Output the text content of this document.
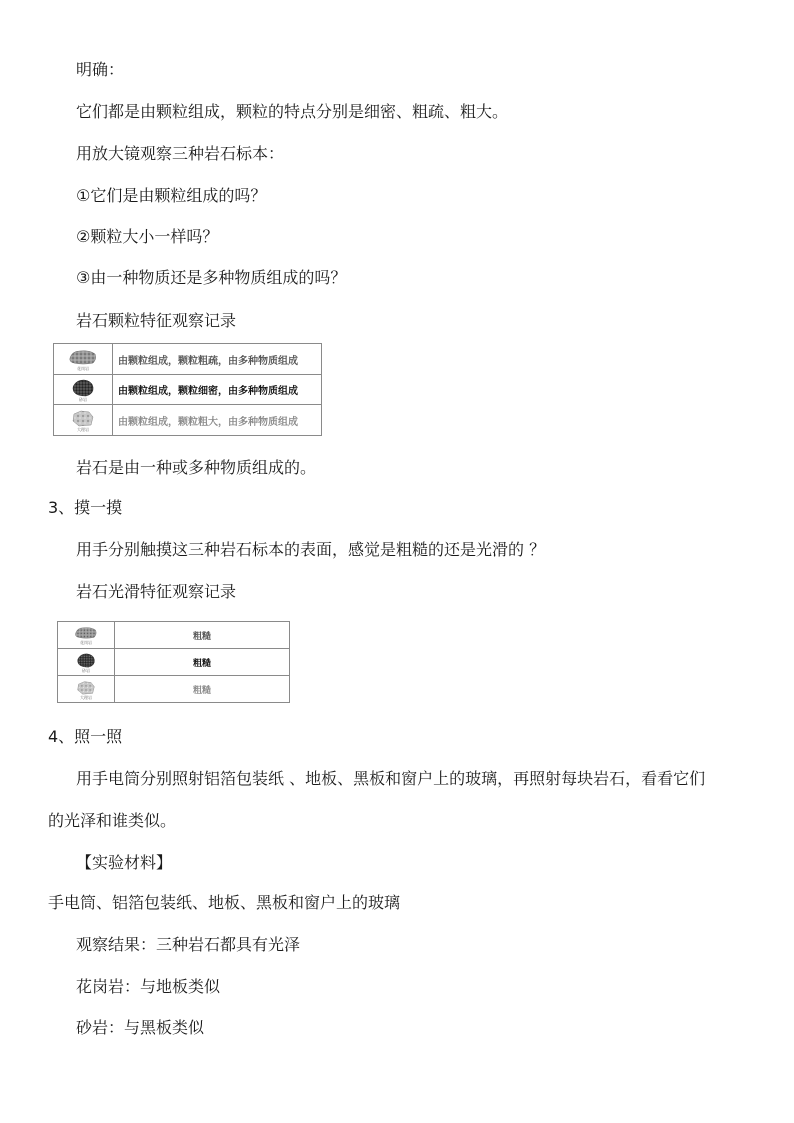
明确：
它们都是由颗粒组成，颗粒的特点分别是细密、粗疏、粗大。
用放大镜观察三种岩石标本：
①它们是由颗粒组成的吗？
②颗粒大小一样吗？
③由一种物质还是多种物质组成的吗？
岩石颗粒特征观察记录
花岗岩	由颗粒组成，颗粒粗疏，由多种物质组成

砂岩	由颗粒组成，颗粒细密，由多种物质组成

大理岩	由颗粒组成，颗粒粗大，由多种物质组成
岩石是由一种或多种物质组成的。
3、摸一摸
用手分别触摸这三种岩石标本的表面，感觉是粗糙的还是光滑的 ？
岩石光滑特征观察记录
花岗岩	粗糙

砂岩	粗糙

大理岩	粗糙
4、照一照
用手电筒分别照射铝箔包装纸 、地板、黑板和窗户上的玻璃，再照射每块岩石，看看它们
的光泽和谁类似。
【实验材料】
手电筒、铝箔包装纸、地板、黑板和窗户上的玻璃
观察结果：三种岩石都具有光泽
花岗岩：与地板类似
砂岩：与黑板类似
